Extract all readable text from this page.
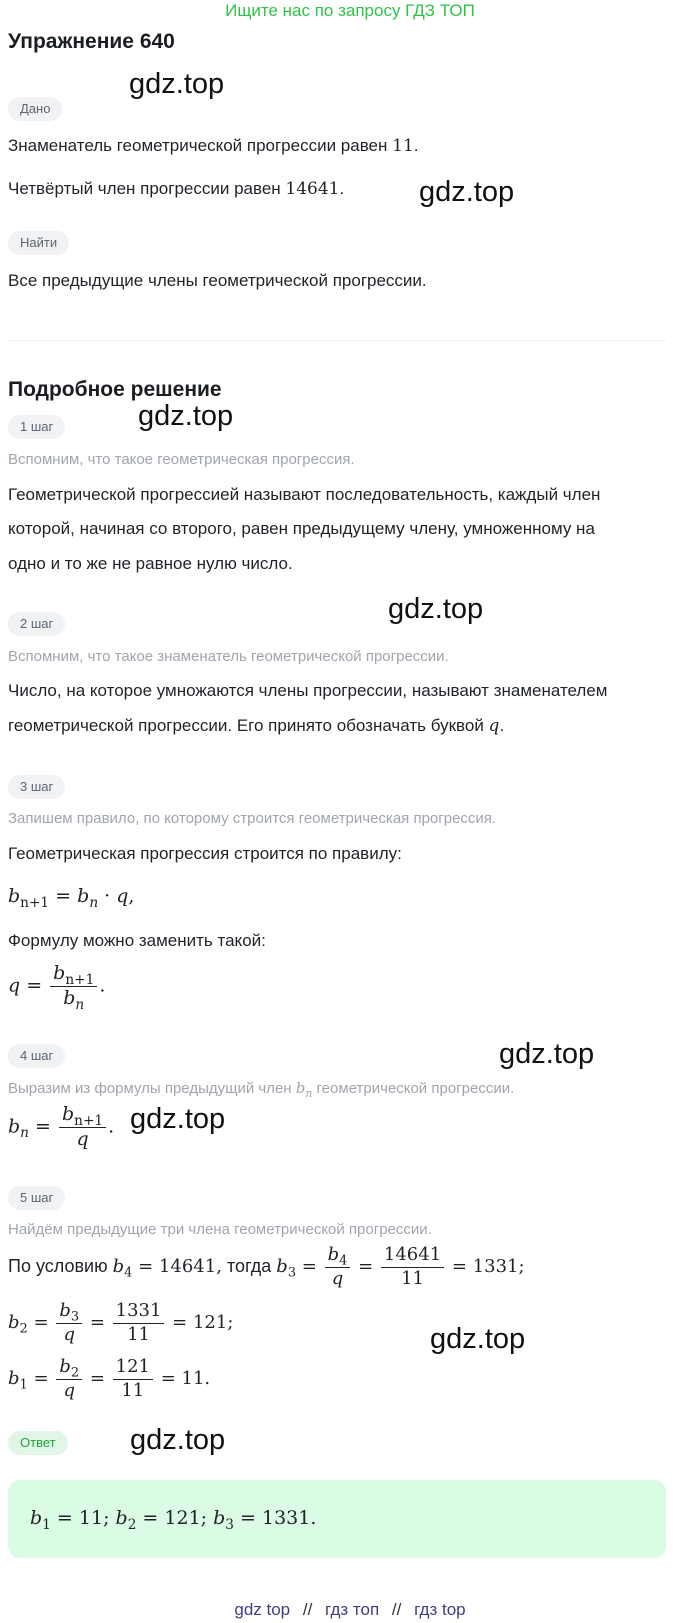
Ищите нас по запросу ГДЗ ТОП
Упражнение 640
gdz.top
gdz.top
gdz.top
gdz.top
gdz.top
gdz.top
gdz.top
gdz.top
Дано
Знаменатель геометрической прогрессии равен 11.
Четвёртый член прогрессии равен 14641.
Найти
Все предыдущие члены геометрической прогрессии.
Подробное решение
1 шаг
Вспомним, что такое геометрическая прогрессия.
Геометрической прогрессией называют последовательность, каждый член
которой, начиная со второго, равен предыдущему члену, умноженному на
одно и то же не равное нулю число.
2 шаг
Вспомним, что такое знаменатель геометрической прогрессии.
Число, на которое умножаются члены прогрессии, называют знаменателем
геометрической прогрессии. Его принято обозначать буквой q.
3 шаг
Запишем правило, по которому строится геометрическая прогрессия.
Геометрическая прогрессия строится по правилу:
$b_{n+1} = b_n \cdot q$,
Формулу можно заменить такой:
$q = \frac{b_{n+1}}{b_n}$ .
4 шаг
Выразим из формулы предыдущий член $b_n$ геометрической прогрессии.
$b_n = \frac{b_{n+1}}{q}$ .
5 шаг
Найдём предыдущие три члена геометрической прогрессии.
По условию $b_4 = 14641$, тогда $b_3 = \frac{b_4}{q} = \frac{14641}{11} = 1331$;
$b_2 = \frac{b_3}{q} = \frac{1331}{11} = 121$;
$b_1 = \frac{b_2}{q} = \frac{121}{11} = 11$.
Ответ
$b_1 = 11$; $b_2 = 121$; $b_3 = 1331$.
gdz top // гдз топ // гдз top
